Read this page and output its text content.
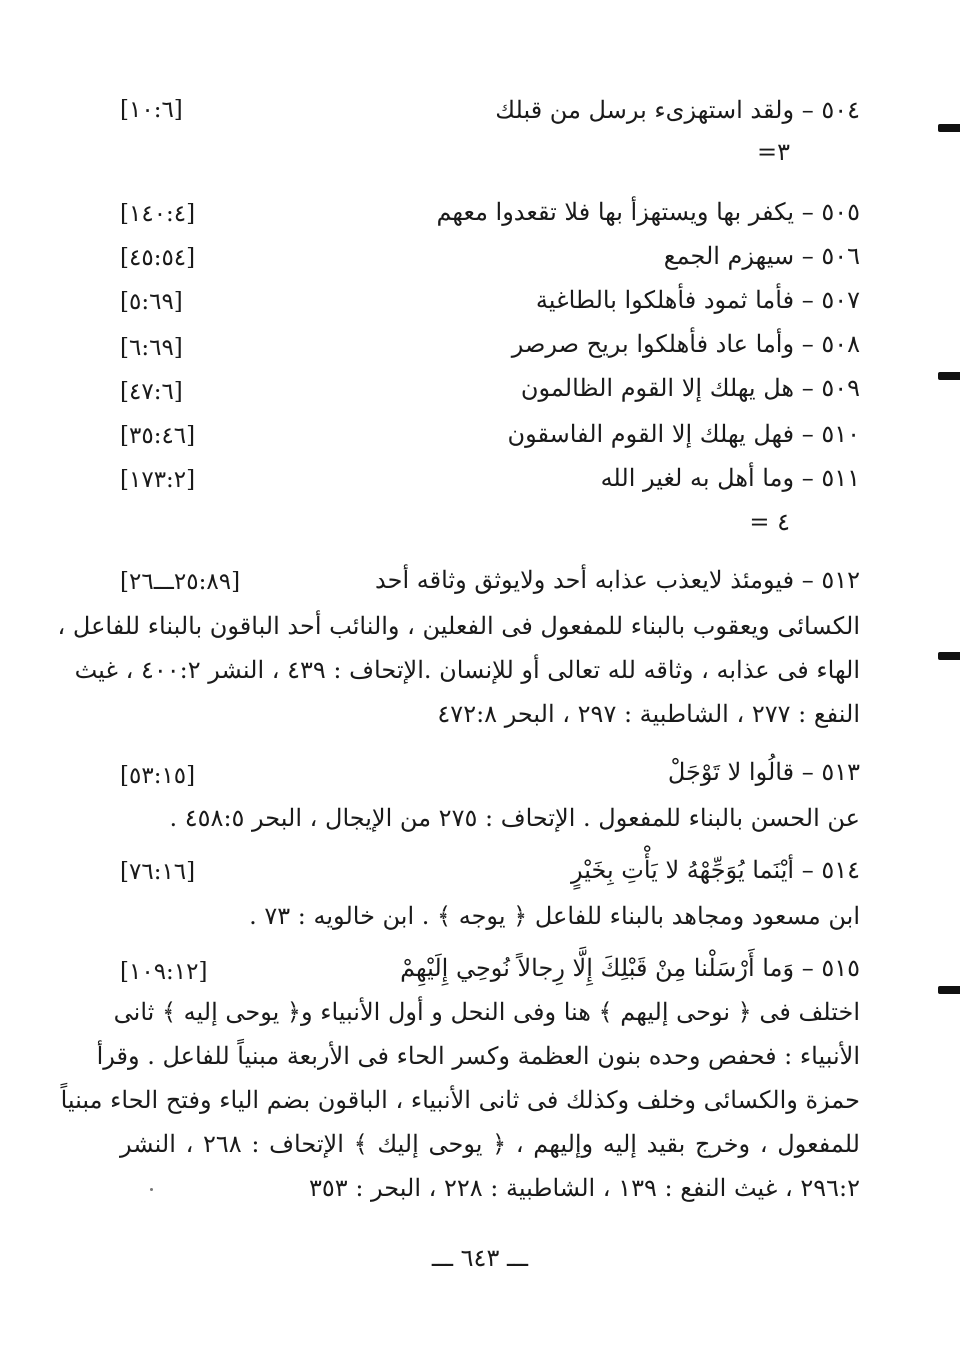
٥٠٤ – ولقد استهزىء برسل من قبلك
[١٠:٦]
٣=
٥٠٥ – يكفر بها ويستهزأ بها فلا تقعدوا معهم
[١٤٠:٤]
٥٠٦ – سيهزم الجمع
[٤٥:٥٤]
٥٠٧ – فأما ثمود فأهلكوا بالطاغية
[٥:٦٩]
٥٠٨ – وأما عاد فأهلكوا بريح صرصر
[٦:٦٩]
٥٠٩ – هل يهلك إلا القوم الظالمون
[٤٧:٦]
٥١٠ – فهل يهلك إلا القوم الفاسقون
[٣٥:٤٦]
٥١١ – وما أهل به لغير الله
[١٧٣:٢]
٤ =
٥١٢ – فيومئذ لايعذب عذابه أحد ولايوثق وثاقه أحد
[٢٥:٨٩ـــ٢٦]
الكسائى ويعقوب بالبناء للمفعول فى الفعلين ، والنائب أحد الباقون بالبناء للفاعل ،
الهاء فى عذابه ، وثاقه لله تعالى أو للإنسان .الإتحاف : ٤٣٩ ، النشر ٤٠٠:٢ ، غيث
النفع : ٢٧٧ ، الشاطبية : ٢٩٧ ، البحر ٤٧٢:٨
٥١٣ – قالُوا لا تَوْجَلْ
[٥٣:١٥]
عن الحسن بالبناء للمفعول . الإتحاف : ٢٧٥ من الإيجال ، البحر ٤٥٨:٥ .
٥١٤ – أيْنَما يُوَجِّهْهُ لا يَأْتِ بِخَيْرٍ
[٧٦:١٦]
ابن مسعود ومجاهد بالبناء للفاعل ﴿ يوجه ﴾ . ابن خالويه : ٧٣ .
٥١٥ – وَما أَرْسَلْنا مِنْ قَبْلِكَ إِلَّا رِجالاً نُوحِي إِلَيْهِمْ
[١٠٩:١٢]
اختلف فى ﴿ نوحى إليهم ﴾ هنا وفى النحل و أول الأنبياء و﴿ يوحى إليه ﴾ ثانى
الأنبياء : فحفص وحده بنون العظمة وكسر الحاء فى الأربعة مبنياً للفاعل . وقرأ
حمزة والكسائى وخلف وكذلك فى ثانى الأنبياء ، الباقون بضم الياء وفتح الحاء مبنياً
للمفعول ، وخرج بقيد إليه وإليهم ، ﴿ يوحى إليك ﴾ الإتحاف : ٢٦٨ ، النشر
٢٩٦:٢ ، غيث النفع : ١٣٩ ، الشاطبية : ٢٢٨ ، البحر : ٣٥٣
ـــ ٦٤٣ ـــ
